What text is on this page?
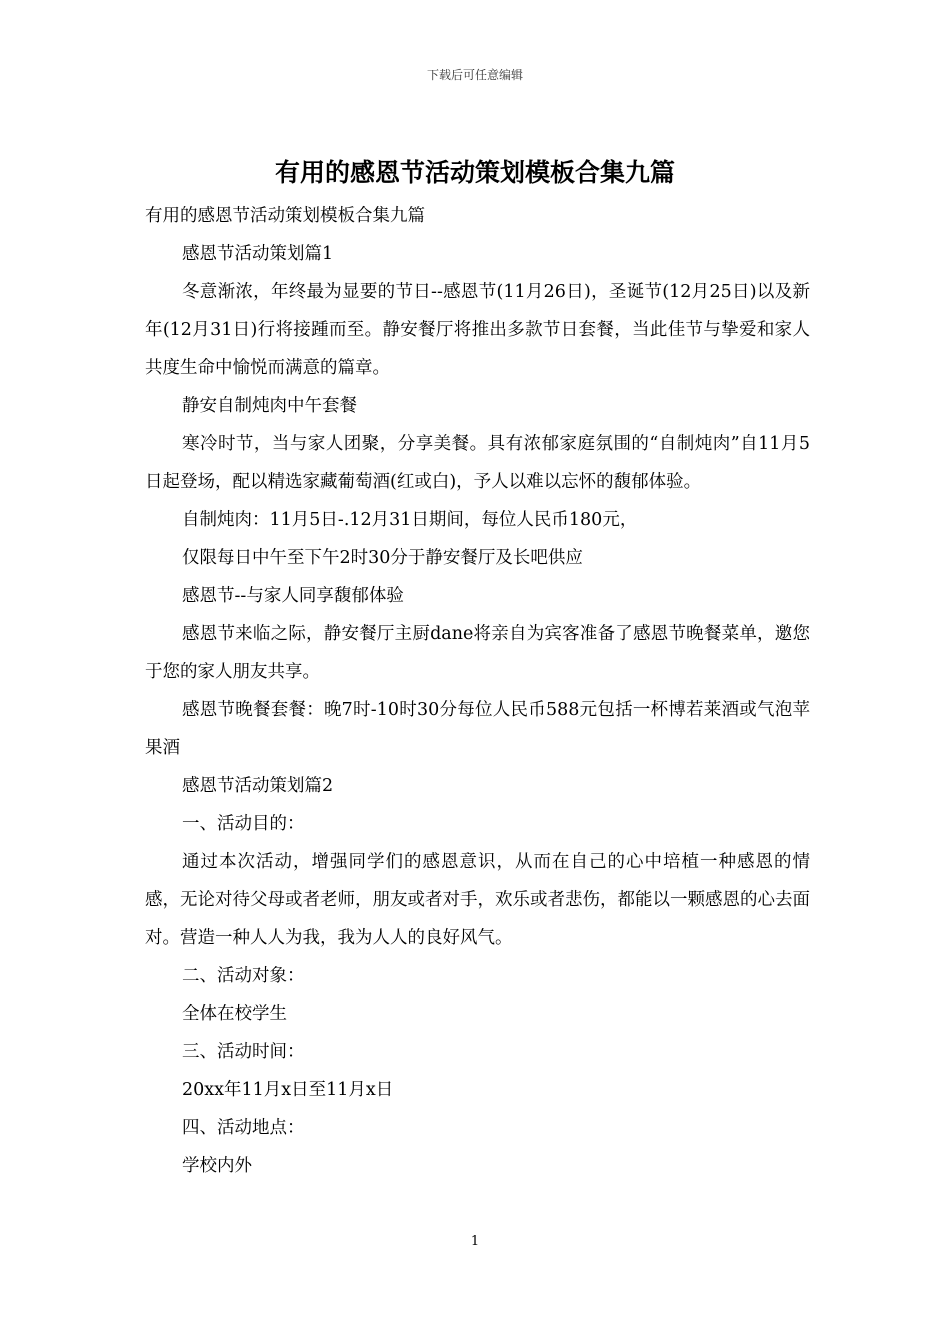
下载后可任意编辑
有用的感恩节活动策划模板合集九篇

有用的感恩节活动策划模板合集九篇

感恩节活动策划篇1

冬意渐浓，年终最为显要的节日--感恩节(11月26日)，圣诞节(12月25日)以及新年(12月31日)行将接踵而至。静安餐厅将推出多款节日套餐，当此佳节与挚爱和家人共度生命中愉悦而满意的篇章。

静安自制炖肉中午套餐

寒冷时节，当与家人团聚，分享美餐。具有浓郁家庭氛围的“自制炖肉”自11月5日起登场，配以精选家藏葡萄酒(红或白)，予人以难以忘怀的馥郁体验。

自制炖肉：11月5日-.12月31日期间，每位人民币180元，

仅限每日中午至下午2时30分于静安餐厅及长吧供应

感恩节--与家人同享馥郁体验

感恩节来临之际，静安餐厅主厨dane将亲自为宾客准备了感恩节晚餐菜单，邀您于您的家人朋友共享。

感恩节晚餐套餐：晚7时-10时30分每位人民币588元包括一杯博若莱酒或气泡苹果酒

感恩节活动策划篇2

一、活动目的：

通过本次活动，增强同学们的感恩意识，从而在自己的心中培植一种感恩的情感，无论对待父母或者老师，朋友或者对手，欢乐或者悲伤，都能以一颗感恩的心去面对。营造一种人人为我，我为人人的良好风气。

二、活动对象：

全体在校学生

三、活动时间：

20xx年11月x日至11月x日

四、活动地点：

学校内外

1
